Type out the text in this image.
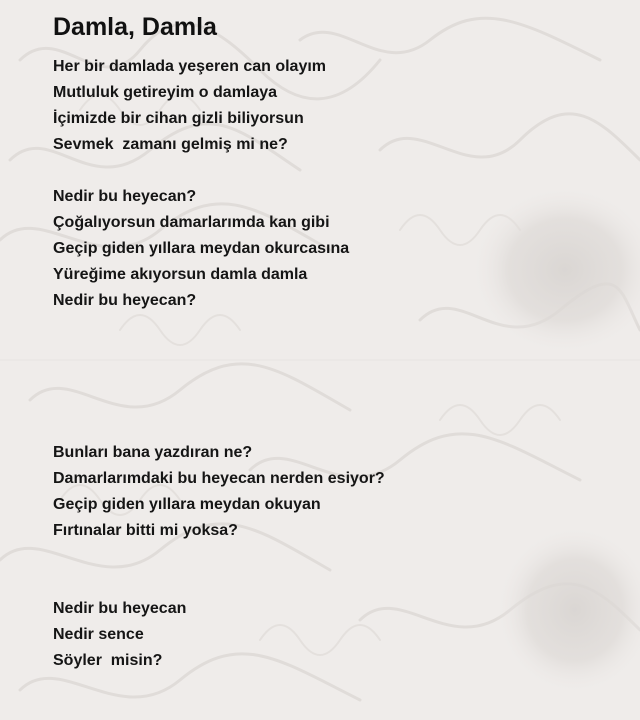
Damla, Damla
Her bir damlada yeşeren can olayım
Mutluluk getireyim o damlaya
İçimizde bir cihan gizli biliyorsun
Sevmek  zamanı gelmiş mi ne?
Nedir bu heyecan?
Çoğalıyorsun damarlarımda kan gibi
Geçip giden yıllara meydan okurcasına
Yüreğime akıyorsun damla damla
Nedir bu heyecan?
Bunları bana yazdıran ne?
Damarlarımdaki bu heyecan nerden esiyor?
Geçip giden yıllara meydan okuyan
Fırtınalar bitti mi yoksa?
Nedir bu heyecan
Nedir sence
Söyler  misin?
